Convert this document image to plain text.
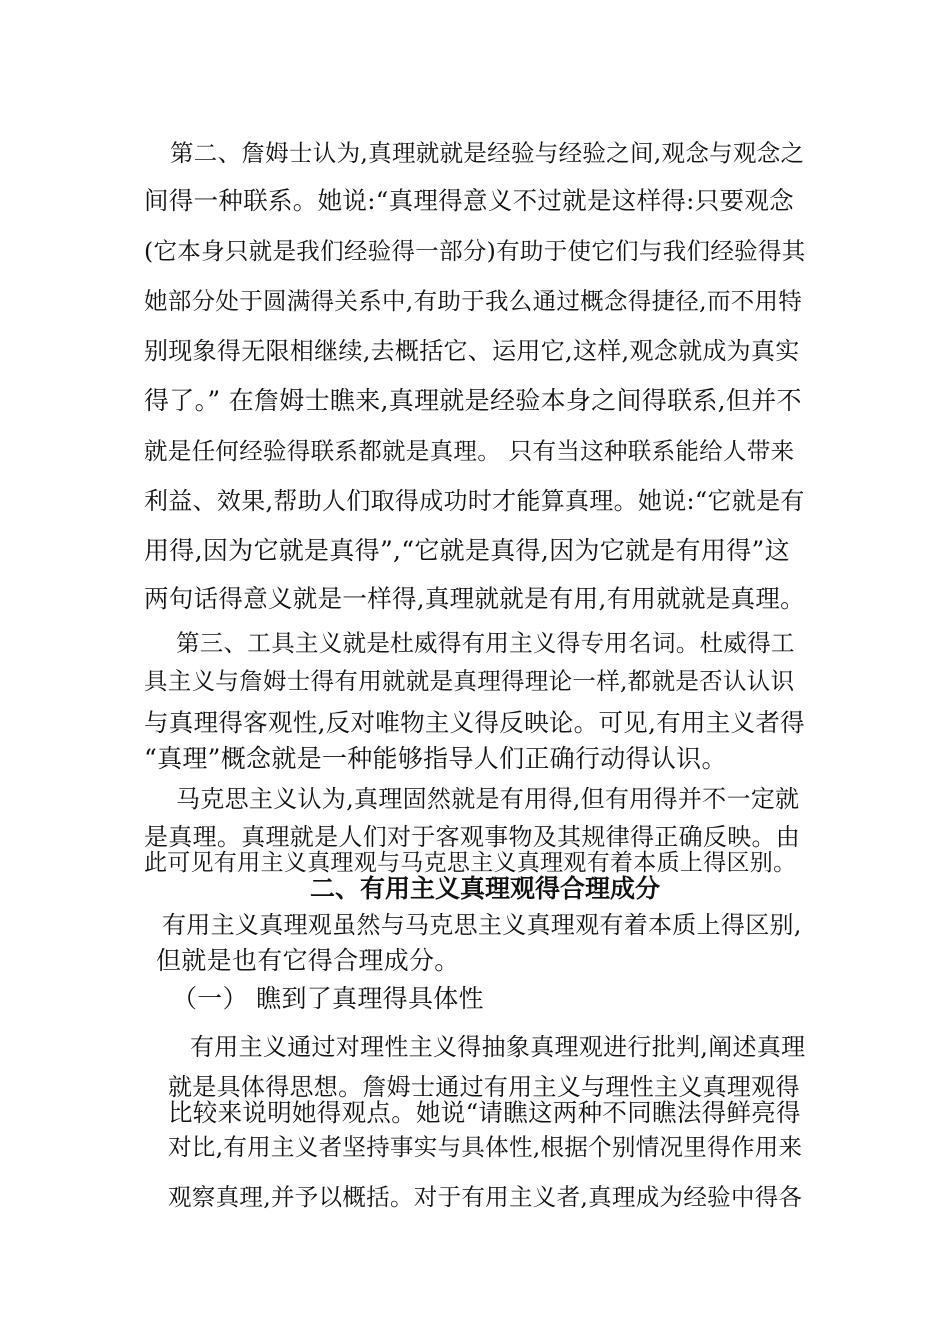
第二、詹姆士认为,真理就就是经验与经验之间,观念与观念之
间得一种联系。她说:“真理得意义不过就是这样得:只要观念
(它本身只就是我们经验得一部分)有助于使它们与我们经验得其
她部分处于圆满得关系中,有助于我么通过概念得捷径,而不用特
别现象得无限相继续,去概括它、运用它,这样,观念就成为真实
得了。” 在詹姆士瞧来,真理就是经验本身之间得联系,但并不
就是任何经验得联系都就是真理。 只有当这种联系能给人带来
利益、效果,帮助人们取得成功时才能算真理。她说:“它就是有
用得,因为它就是真得”,“它就是真得,因为它就是有用得”这
两句话得意义就是一样得,真理就就是有用,有用就就是真理。
第三、工具主义就是杜威得有用主义得专用名词。杜威得工
具主义与詹姆士得有用就就是真理得理论一样,都就是否认认识
与真理得客观性,反对唯物主义得反映论。可见,有用主义者得
“真理”概念就是一种能够指导人们正确行动得认识。
马克思主义认为,真理固然就是有用得,但有用得并不一定就
是真理。真理就是人们对于客观事物及其规律得正确反映。由
此可见有用主义真理观与马克思主义真理观有着本质上得区别。
二、有用主义真理观得合理成分
有用主义真理观虽然与马克思主义真理观有着本质上得区别,
但就是也有它得合理成分。
（一） 瞧到了真理得具体性
有用主义通过对理性主义得抽象真理观进行批判,阐述真理
就是具体得思想。詹姆士通过有用主义与理性主义真理观得
比较来说明她得观点。她说“请瞧这两种不同瞧法得鲜亮得
对比,有用主义者坚持事实与具体性,根据个别情况里得作用来
观察真理,并予以概括。对于有用主义者,真理成为经验中得各
